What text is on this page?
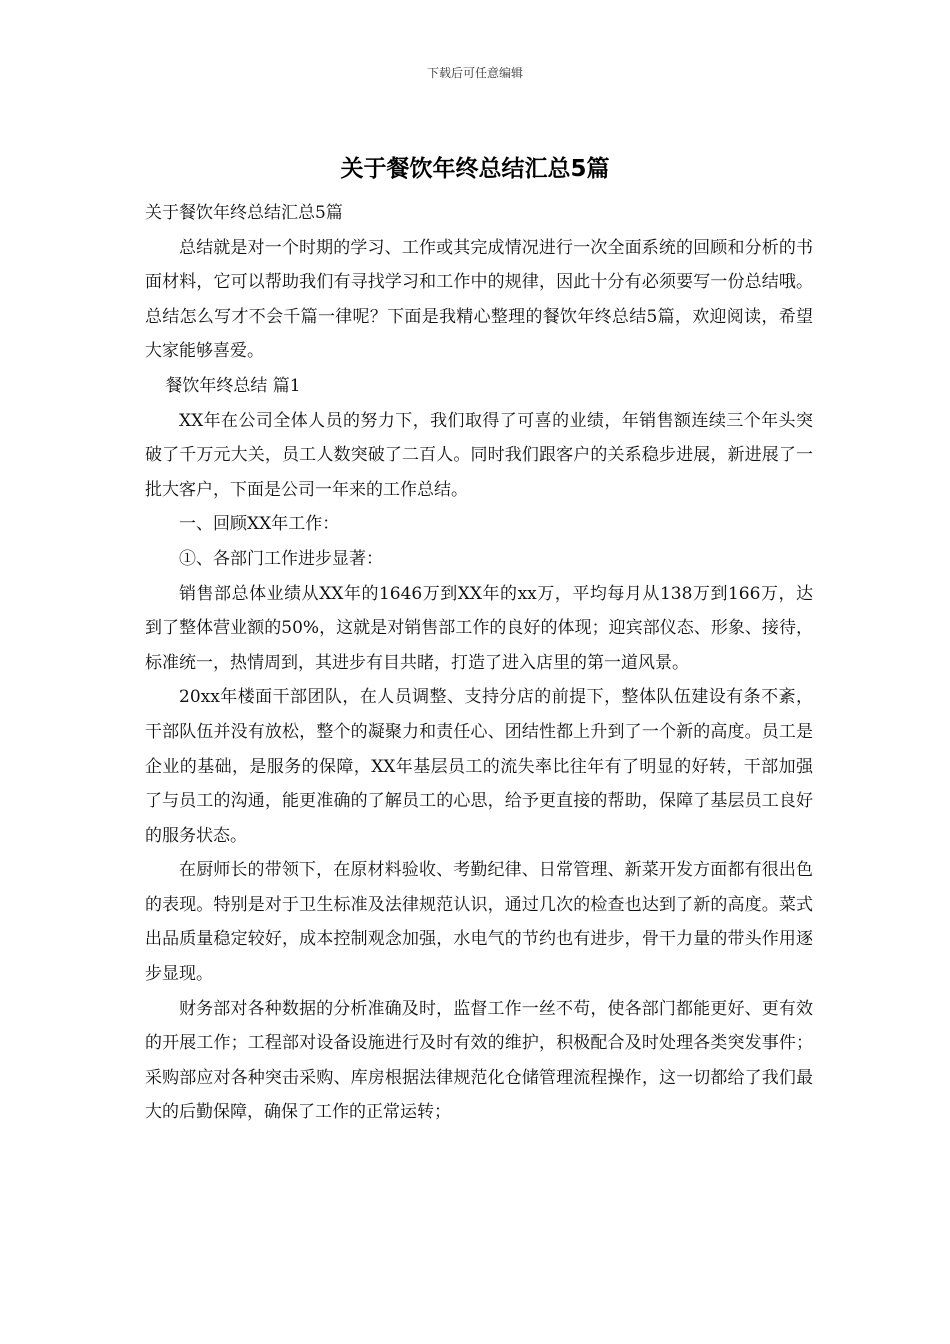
下载后可任意编辑
关于餐饮年终总结汇总5篇

关于餐饮年终总结汇总5篇

总结就是对一个时期的学习、工作或其完成情况进行一次全面系统的回顾和分析的书面材料，它可以帮助我们有寻找学习和工作中的规律，因此十分有必须要写一份总结哦。总结怎么写才不会千篇一律呢？下面是我精心整理的餐饮年终总结5篇，欢迎阅读，希望大家能够喜爱。

餐饮年终总结 篇1

XX年在公司全体人员的努力下，我们取得了可喜的业绩，年销售额连续三个年头突破了千万元大关，员工人数突破了二百人。同时我们跟客户的关系稳步进展，新进展了一批大客户，下面是公司一年来的工作总结。

一、回顾XX年工作：

①、各部门工作进步显著：

销售部总体业绩从XX年的1646万到XX年的xx万，平均每月从138万到166万，达到了整体营业额的50%，这就是对销售部工作的良好的体现；迎宾部仪态、形象、接待，标准统一，热情周到，其进步有目共睹，打造了进入店里的第一道风景。

20xx年楼面干部团队，在人员调整、支持分店的前提下，整体队伍建设有条不紊，干部队伍并没有放松，整个的凝聚力和责任心、团结性都上升到了一个新的高度。员工是企业的基础，是服务的保障，XX年基层员工的流失率比往年有了明显的好转，干部加强了与员工的沟通，能更准确的了解员工的心思，给予更直接的帮助，保障了基层员工良好的服务状态。

在厨师长的带领下，在原材料验收、考勤纪律、日常管理、新菜开发方面都有很出色的表现。特别是对于卫生标准及法律规范认识，通过几次的检查也达到了新的高度。菜式出品质量稳定较好，成本控制观念加强，水电气的节约也有进步，骨干力量的带头作用逐步显现。

财务部对各种数据的分析准确及时，监督工作一丝不苟，使各部门都能更好、更有效的开展工作；工程部对设备设施进行及时有效的维护，积极配合及时处理各类突发事件；采购部应对各种突击采购、库房根据法律规范化仓储管理流程操作，这一切都给了我们最大的后勤保障，确保了工作的正常运转；
